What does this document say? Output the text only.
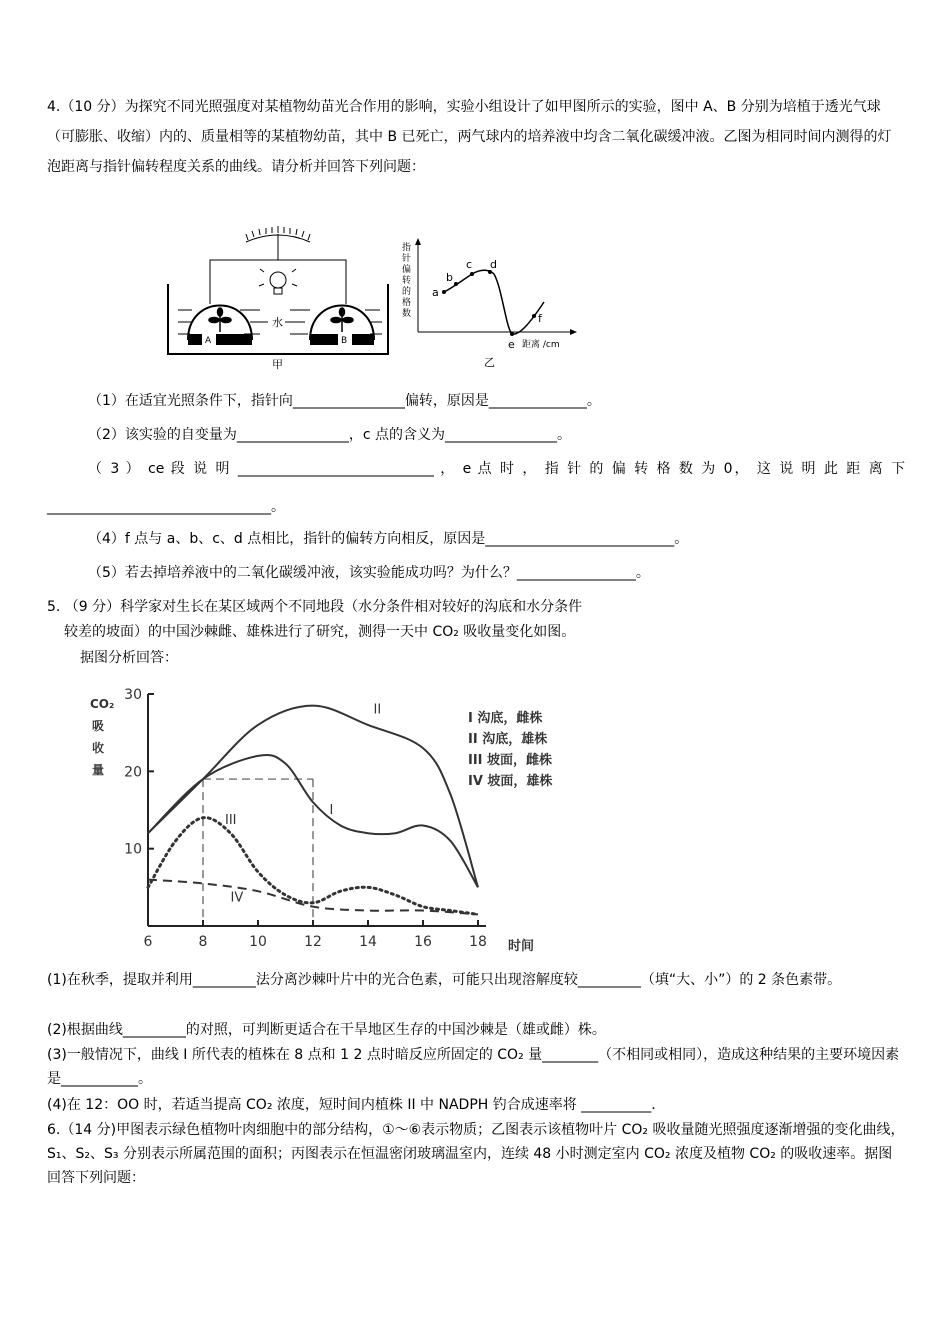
4.（10 分）为探究不同光照强度对某植物幼苗光合作用的影响，实验小组设计了如甲图所示的实验，图中 A、B 分别为培植于透光气球（可膨胀、收缩）内的、质量相等的某植物幼苗，其中 B 已死亡，两气球内的培养液中均含二氧化碳缓冲液。乙图为相同时间内测得的灯泡距离与指针偏转程度关系的曲线。请分析并回答下列问题：
水
A	B
甲
指针偏转的格数
a
b
c d
e
f
距离 /cm
乙
（1）在适宜光照条件下，指针向________________偏转，原因是______________。
（2）该实验的自变量为________________，c 点的含义为________________。
（ 3 ） ce 段 说 明 ____________________________ ， e 点 时 ， 指 针 的 偏 转 格 数 为 0， 这 说 明 此 距 离 下
________________________________。
（4）f 点与 a、b、c、d 点相比，指针的偏转方向相反，原因是___________________________。
（5）若去掉培养液中的二氧化碳缓冲液，该实验能成功吗？为什么？_________________。
5. （9 分）科学家对生长在某区域两个不同地段（水分条件相对较好的沟底和水分条件
较差的坡面）的中国沙棘雌、雄株进行了研究，测得一天中 CO₂ 吸收量变化如图。
据图分析回答：
I
II
III
IV
6	8	10	12	14	16	18
10
20
30
CO₂ 吸收量
时间
I 沟底，雌株
II 沟底，雄株
III 坡面，雌株
IV 坡面，雄株
(1)在秋季，提取并利用_________法分离沙棘叶片中的光合色素，可能只出现溶解度较_________（填“大、小”）的 2 条色素带。
(2)根据曲线_________的对照，可判断更适合在干旱地区生存的中国沙棘是（雄或雌）株。
(3)一般情况下，曲线 I 所代表的植株在 8 点和 1 2 点时暗反应所固定的 CO₂ 量________（不相同或相同），造成这种结果的主要环境因素是___________。
(4)在 12：OO 时，若适当提高 CO₂ 浓度，短时间内植株 II 中 NADPH 钓合成速率将 __________.
6.（14 分)甲图表示绿色植物叶肉细胞中的部分结构，①～⑥表示物质；乙图表示该植物叶片 CO₂ 吸收量随光照强度逐渐增强的变化曲线，S₁、S₂、S₃ 分别表示所属范围的面积；丙图表示在恒温密闭玻璃温室内，连续 48 小时测定室内 CO₂ 浓度及植物 CO₂ 的吸收速率。据图回答下列问题：
